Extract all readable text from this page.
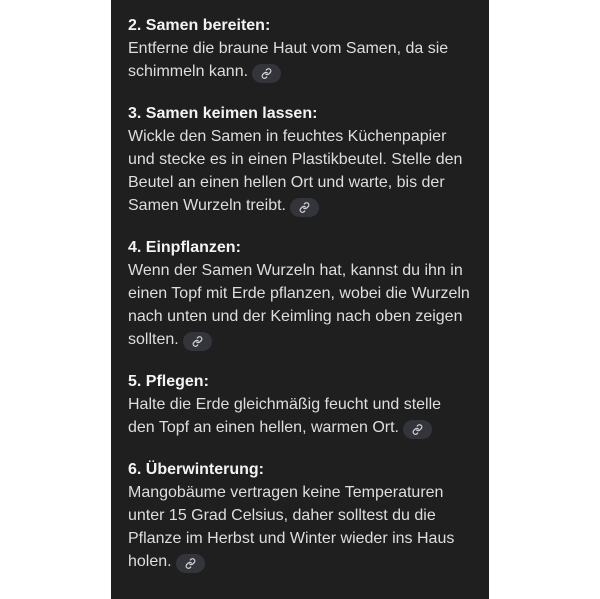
2. Samen bereiten:

Entferne die braune Haut vom Samen, da sie schimmeln kann.

3. Samen keimen lassen:

Wickle den Samen in feuchtes Küchenpapier und stecke es in einen Plastikbeutel. Stelle den Beutel an einen hellen Ort und warte, bis der Samen Wurzeln treibt.

4. Einpflanzen:

Wenn der Samen Wurzeln hat, kannst du ihn in einen Topf mit Erde pflanzen, wobei die Wurzeln nach unten und der Keimling nach oben zeigen sollten.

5. Pflegen:

Halte die Erde gleichmäßig feucht und stelle den Topf an einen hellen, warmen Ort.

6. Überwinterung:

Mangobäume vertragen keine Temperaturen unter 15 Grad Celsius, daher solltest du die Pflanze im Herbst und Winter wieder ins Haus holen.
